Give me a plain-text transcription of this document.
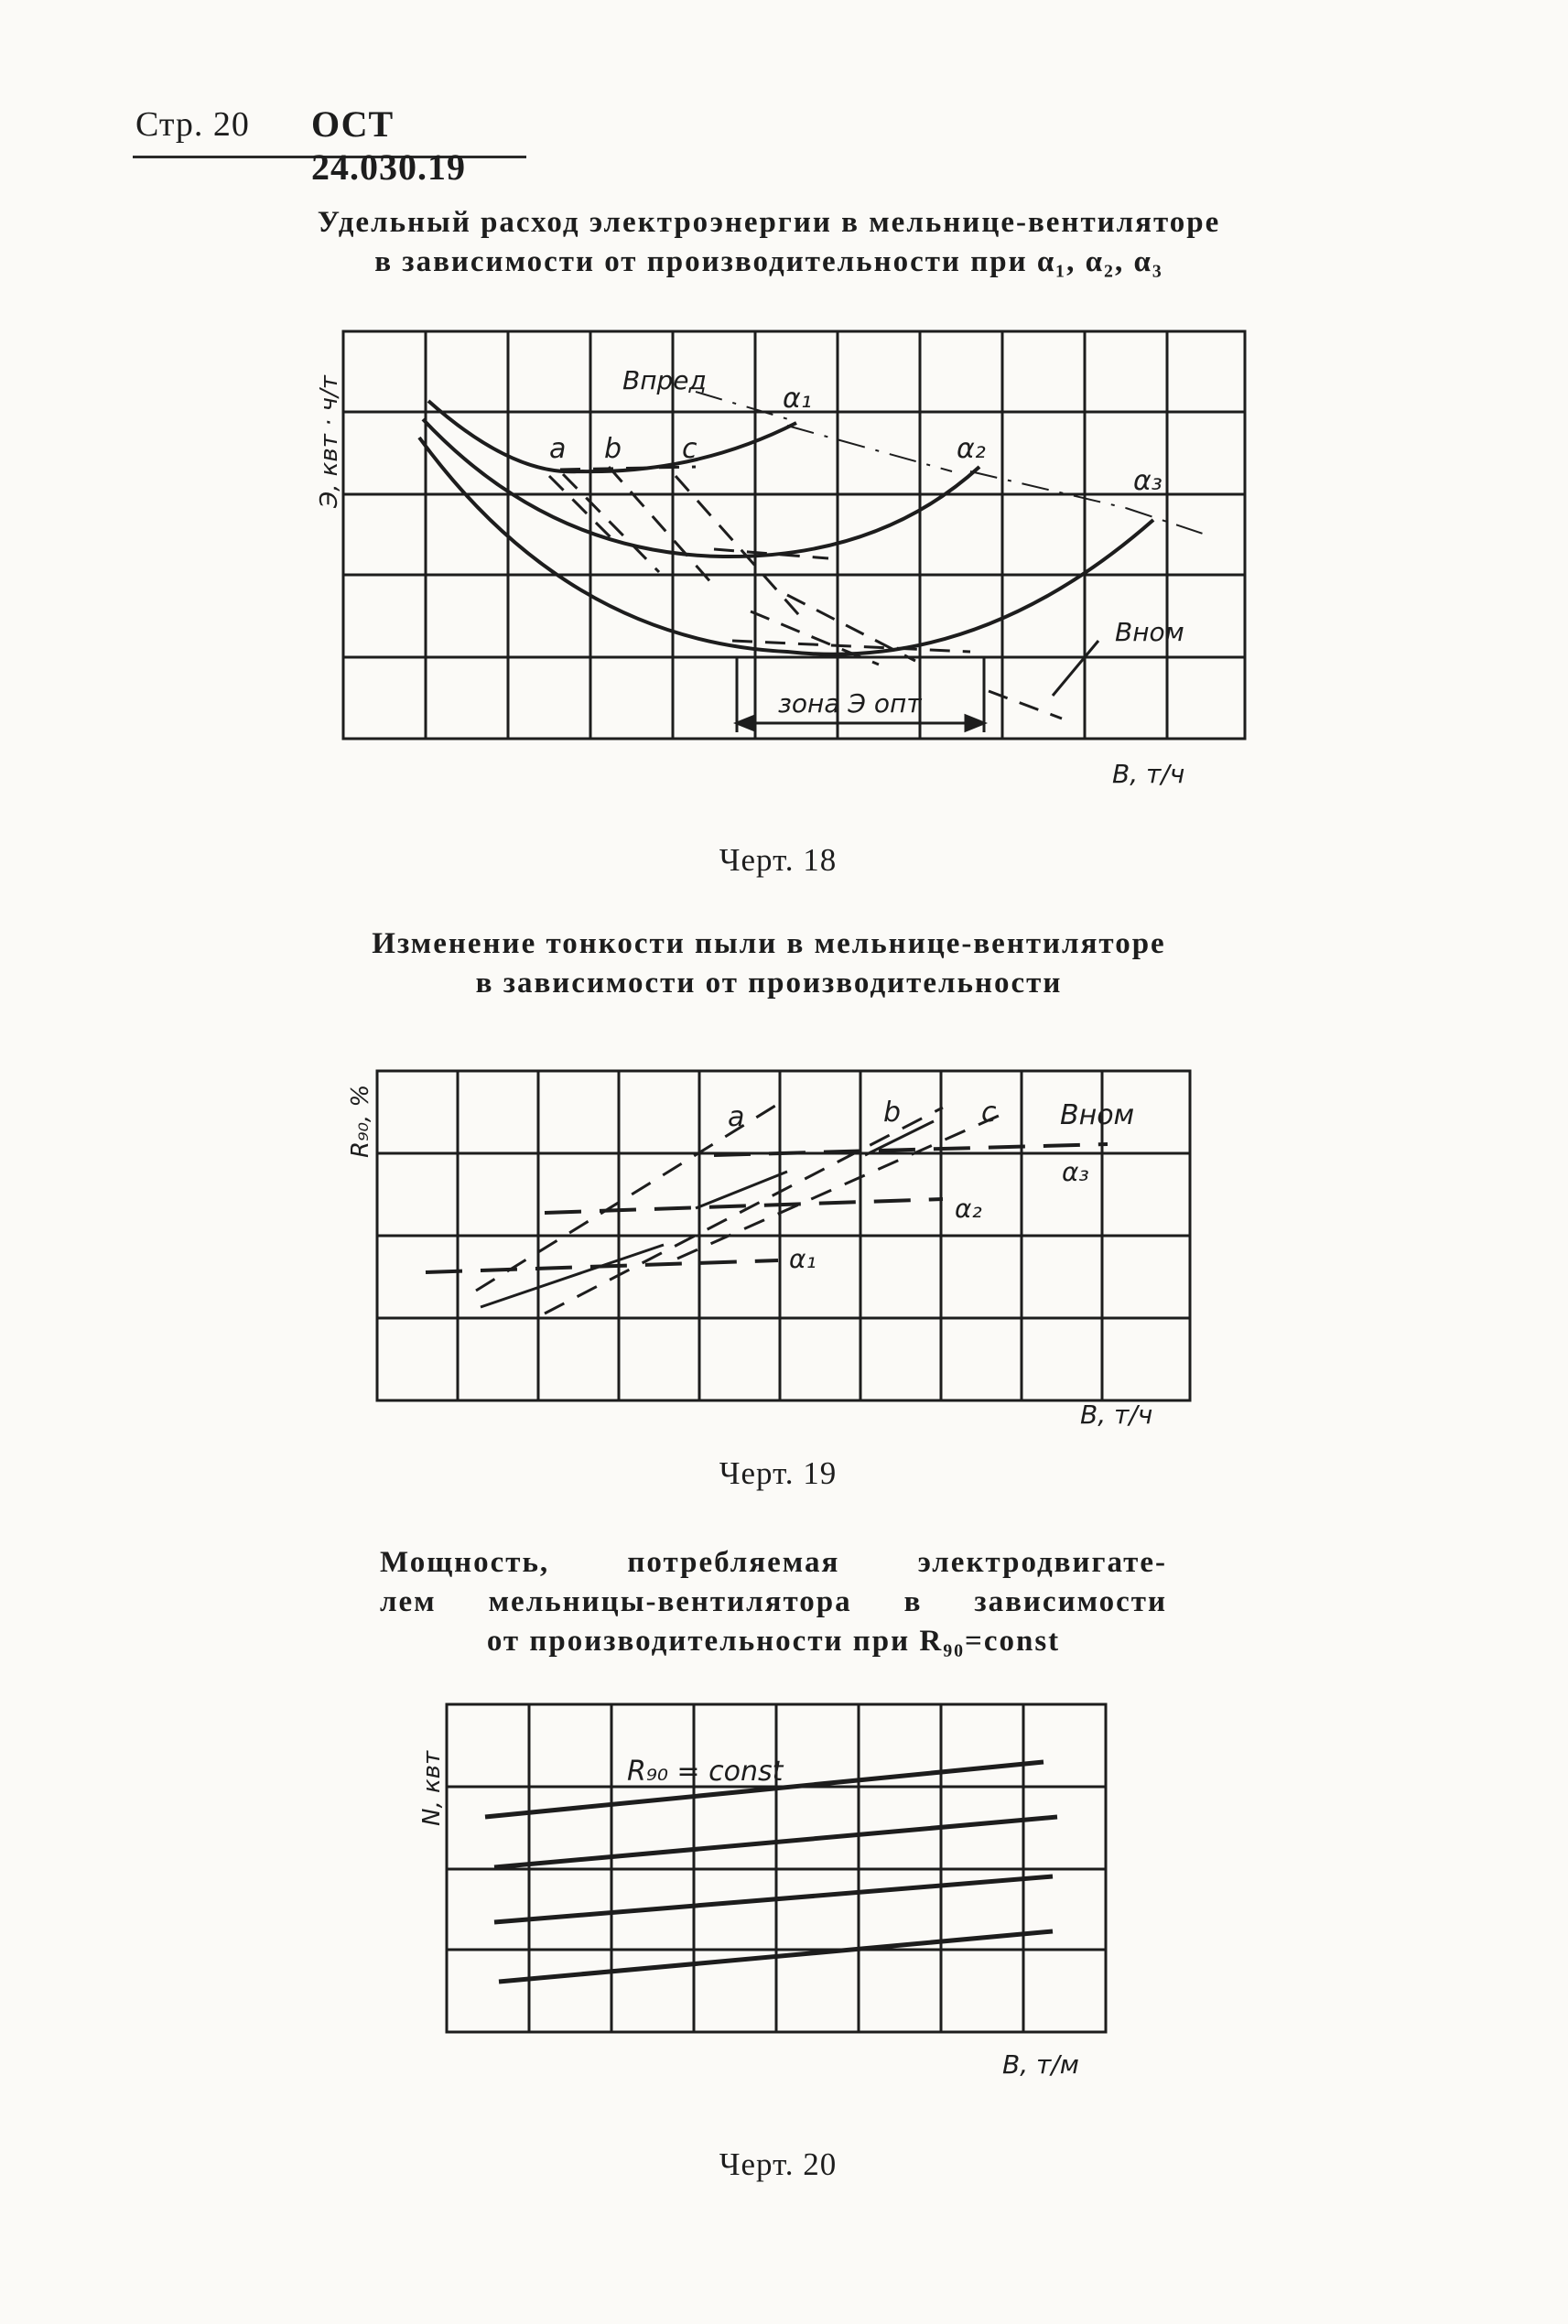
Стр. 20 ОСТ 24.030.19
Удельный расход электроэнергии в мельнице-вентиляторе
в зависимости от производительности при α₁, α₂, α₃
Впред
α₁
α₂
α₃
a b c
Вном
зона Э опт
В, т/ч
Э, квт · ч/т
Черт. 18
Изменение тонкости пыли в мельнице-вентиляторе
в зависимости от производительности
a	b	c Вном
α₃
α₂
α₁
В, т/ч
R₉₀, %
Черт. 19
Мощность, потребляемая электродвигате-
лем мельницы-вентилятора в зависимости
от производительности при R₉₀=const
R₉₀ = const
В, т/м
N, квт
Черт. 20
